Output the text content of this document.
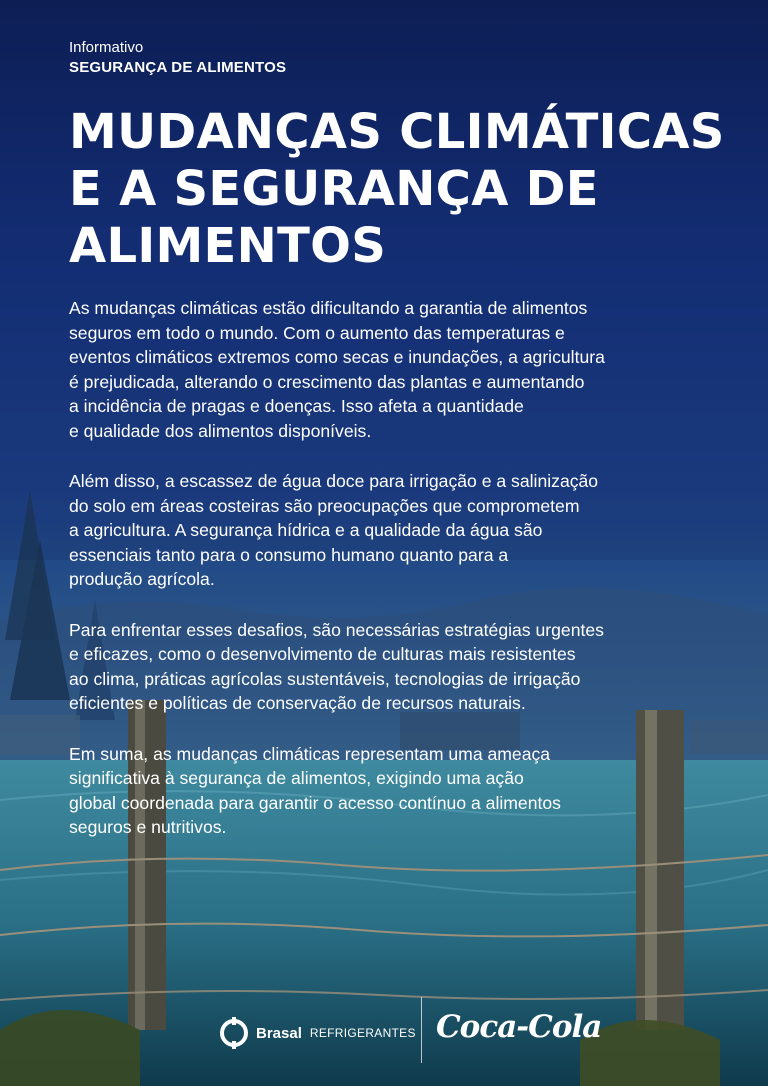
Informativo
SEGURANÇA DE ALIMENTOS
MUDANÇAS CLIMÁTICAS
E A SEGURANÇA DE
ALIMENTOS

As mudanças climáticas estão dificultando a garantia de alimentos
seguros em todo o mundo. Com o aumento das temperaturas e
eventos climáticos extremos como secas e inundações, a agricultura
é prejudicada, alterando o crescimento das plantas e aumentando
a incidência de pragas e doenças. Isso afeta a quantidade
e qualidade dos alimentos disponíveis.

Além disso, a escassez de água doce para irrigação e a salinização
do solo em áreas costeiras são preocupações que comprometem
a agricultura. A segurança hídrica e a qualidade da água são
essenciais tanto para o consumo humano quanto para a
produção agrícola.

Para enfrentar esses desafios, são necessárias estratégias urgentes
e eficazes, como o desenvolvimento de culturas mais resistentes
ao clima, práticas agrícolas sustentáveis, tecnologias de irrigação
eficientes e políticas de conservação de recursos naturais.

Em suma, as mudanças climáticas representam uma ameaça
significativa à segurança de alimentos, exigindo uma ação
global coordenada para garantir o acesso contínuo a alimentos
seguros e nutritivos.

Brasal REFRIGERANTES Coca-Cola
